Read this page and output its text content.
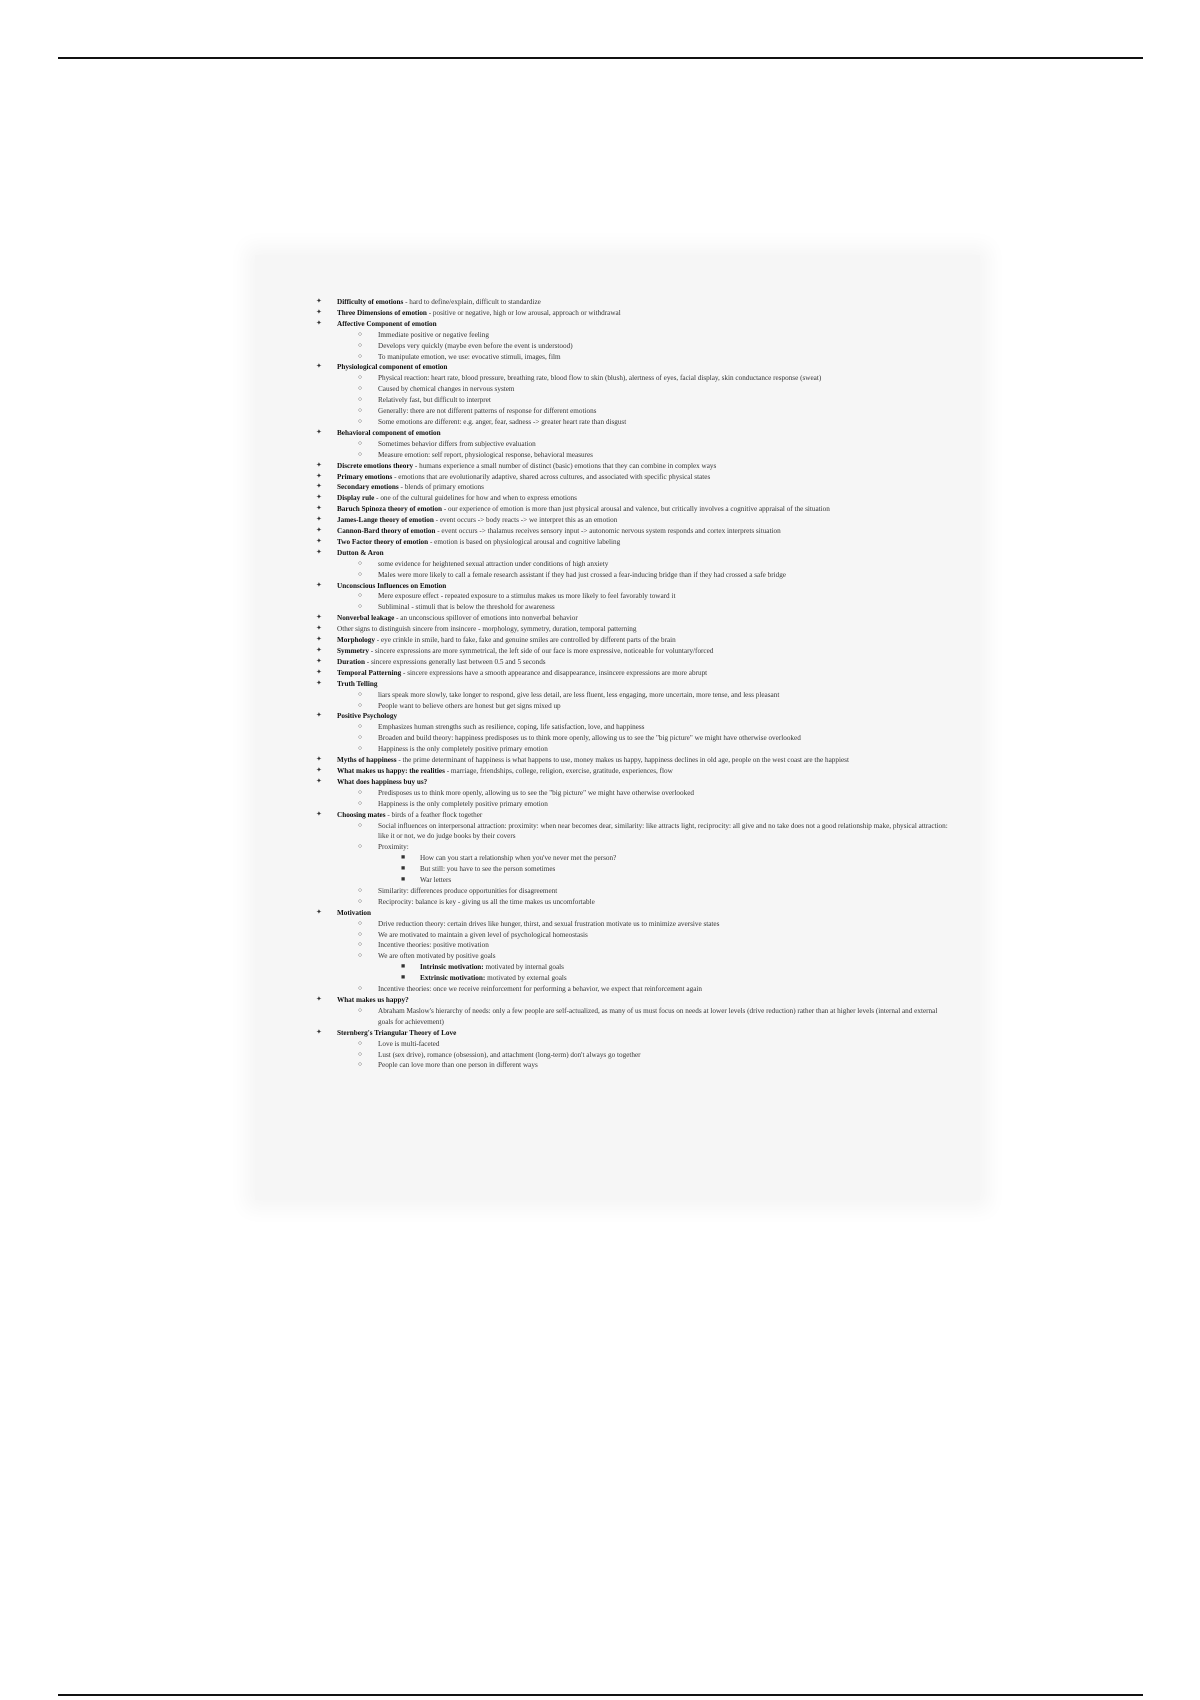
✦ Difficulty of emotions - hard to define/explain, difficult to standardize
✦ Three Dimensions of emotion - positive or negative, high or low arousal, approach or withdrawal
✦ Affective Component of emotion
○ Immediate positive or negative feeling
○ Develops very quickly (maybe even before the event is understood)
○ To manipulate emotion, we use: evocative stimuli, images, film
✦ Physiological component of emotion
○ Physical reaction: heart rate, blood pressure, breathing rate, blood flow to skin (blush), alertness of eyes, facial display, skin conductance response (sweat)
○ Caused by chemical changes in nervous system
○ Relatively fast, but difficult to interpret
○ Generally: there are not different patterns of response for different emotions
○ Some emotions are different: e.g. anger, fear, sadness -> greater heart rate than disgust
✦ Behavioral component of emotion
○ Sometimes behavior differs from subjective evaluation
○ Measure emotion: self report, physiological response, behavioral measures
✦ Discrete emotions theory - humans experience a small number of distinct (basic) emotions that they can combine in complex ways
✦ Primary emotions - emotions that are evolutionarily adaptive, shared across cultures, and associated with specific physical states
✦ Secondary emotions - blends of primary emotions
✦ Display rule - one of the cultural guidelines for how and when to express emotions
✦ Baruch Spinoza theory of emotion - our experience of emotion is more than just physical arousal and valence, but critically involves a cognitive appraisal of the situation
✦ James-Lange theory of emotion - event occurs -> body reacts -> we interpret this as an emotion
✦ Cannon-Bard theory of emotion - event occurs -> thalamus receives sensory input -> autonomic nervous system responds and cortex interprets situation
✦ Two Factor theory of emotion - emotion is based on physiological arousal and cognitive labeling
✦ Dutton & Aron
○ some evidence for heightened sexual attraction under conditions of high anxiety
○ Males were more likely to call a female research assistant if they had just crossed a fear-inducing bridge than if they had crossed a safe bridge
✦ Unconscious Influences on Emotion
○ Mere exposure effect - repeated exposure to a stimulus makes us more likely to feel favorably toward it
○ Subliminal - stimuli that is below the threshold for awareness
✦ Nonverbal leakage - an unconscious spillover of emotions into nonverbal behavior
✦ Other signs to distinguish sincere from insincere - morphology, symmetry, duration, temporal patterning
✦ Morphology - eye crinkle in smile, hard to fake, fake and genuine smiles are controlled by different parts of the brain
✦ Symmetry - sincere expressions are more symmetrical, the left side of our face is more expressive, noticeable for voluntary/forced
✦ Duration - sincere expressions generally last between 0.5 and 5 seconds
✦ Temporal Patterning - sincere expressions have a smooth appearance and disappearance, insincere expressions are more abrupt
✦ Truth Telling
○ liars speak more slowly, take longer to respond, give less detail, are less fluent, less engaging, more uncertain, more tense, and less pleasant
○ People want to believe others are honest but get signs mixed up
✦ Positive Psychology
○ Emphasizes human strengths such as resilience, coping, life satisfaction, love, and happiness
○ Broaden and build theory: happiness predisposes us to think more openly, allowing us to see the "big picture" we might have otherwise overlooked
○ Happiness is the only completely positive primary emotion
✦ Myths of happiness - the prime determinant of happiness is what happens to use, money makes us happy, happiness declines in old age, people on the west coast are the happiest
✦ What makes us happy: the realities - marriage, friendships, college, religion, exercise, gratitude, experiences, flow
✦ What does happiness buy us?
○ Predisposes us to think more openly, allowing us to see the "big picture" we might have otherwise overlooked
○ Happiness is the only completely positive primary emotion
✦ Choosing mates - birds of a feather flock together
○ Social influences on interpersonal attraction: proximity: when near becomes dear, similarity: like attracts light, reciprocity: all give and no take does not a good relationship make, physical attraction: like it or not, we do judge books by their covers
○ Proximity:
■ How can you start a relationship when you've never met the person?
■ But still: you have to see the person sometimes
■ War letters
○ Similarity: differences produce opportunities for disagreement
○ Reciprocity: balance is key - giving us all the time makes us uncomfortable
✦ Motivation
○ Drive reduction theory: certain drives like hunger, thirst, and sexual frustration motivate us to minimize aversive states
○ We are motivated to maintain a given level of psychological homeostasis
○ Incentive theories: positive motivation
○ We are often motivated by positive goals
■ Intrinsic motivation: motivated by internal goals
■ Extrinsic motivation: motivated by external goals
○ Incentive theories: once we receive reinforcement for performing a behavior, we expect that reinforcement again
✦ What makes us happy?
○ Abraham Maslow's hierarchy of needs: only a few people are self-actualized, as many of us must focus on needs at lower levels (drive reduction) rather than at higher levels (internal and external goals for achievement)
✦ Sternberg's Triangular Theory of Love
○ Love is multi-faceted
○ Lust (sex drive), romance (obsession), and attachment (long-term) don't always go together
○ People can love more than one person in different ways
